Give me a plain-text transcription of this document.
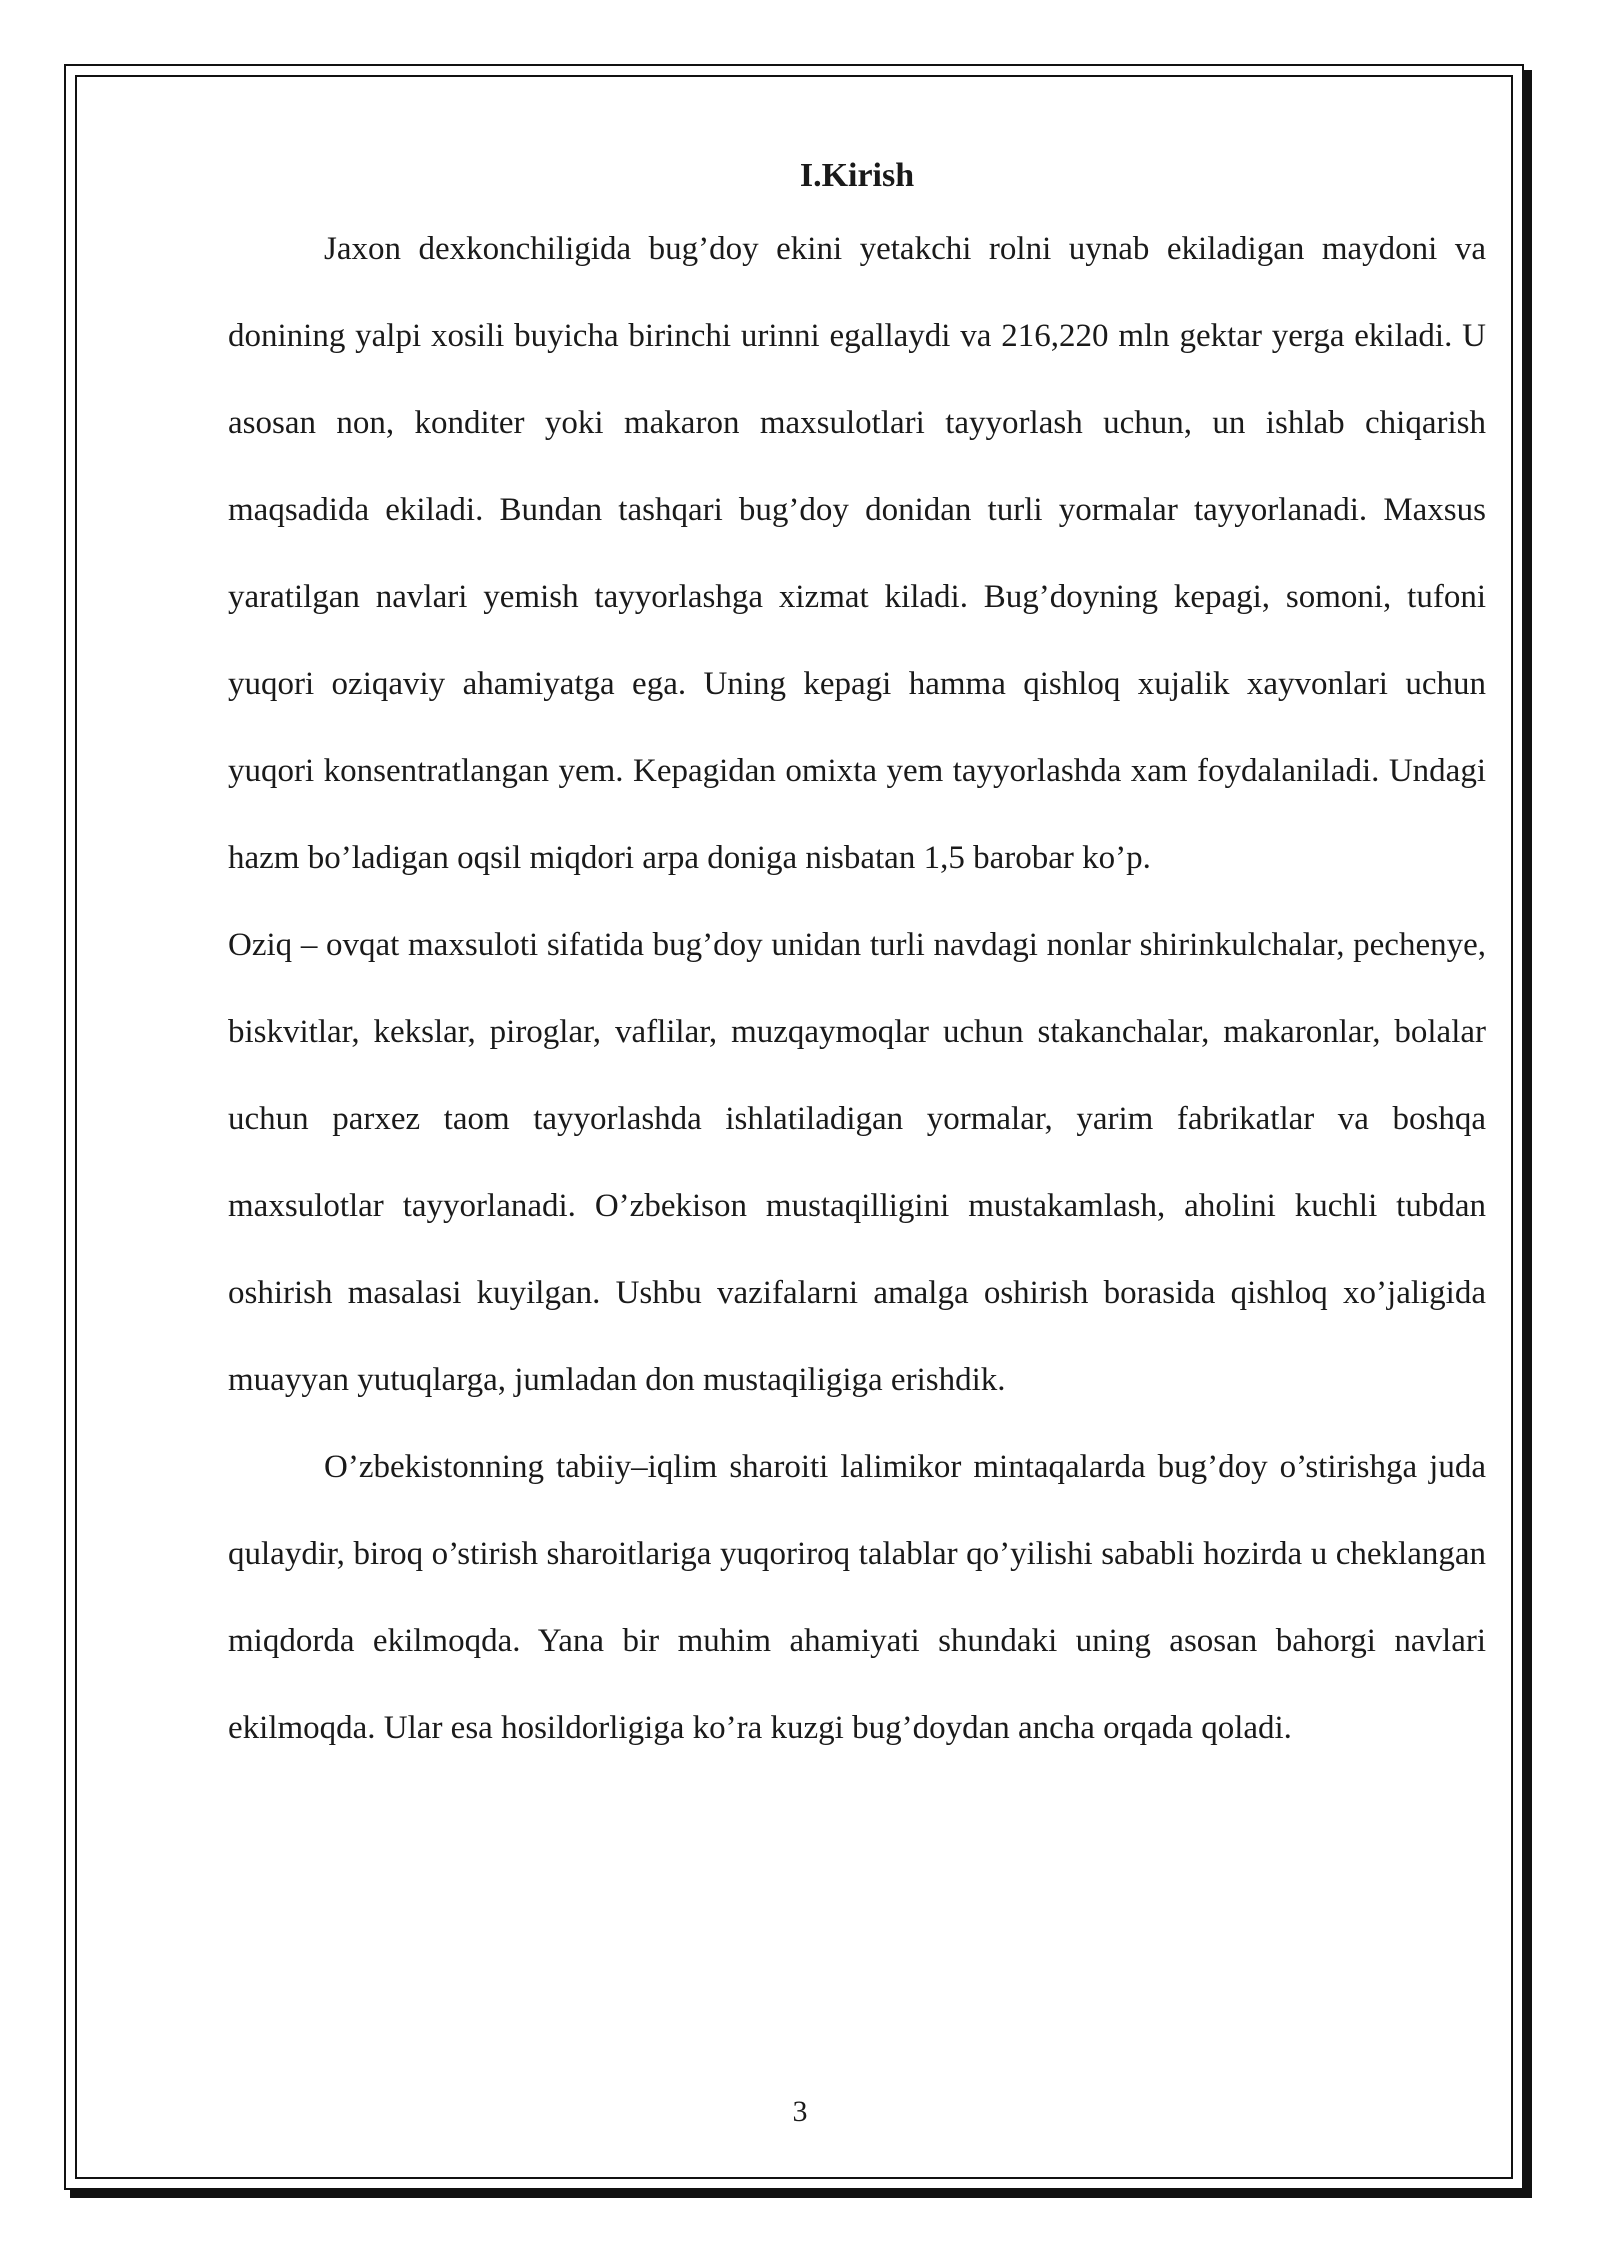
I.Kirish

Jaxon dexkonchiligida bug’doy ekini yetakchi rolni uynab ekiladigan maydoni va donining yalpi xosili buyicha birinchi urinni egallaydi va 216,220 mln gektar yerga ekiladi. U asosan non, konditer yoki makaron maxsulotlari tayyorlash uchun, un ishlab chiqarish maqsadida ekiladi. Bundan tashqari bug’doy donidan turli yormalar tayyorlanadi. Maxsus yaratilgan navlari yemish tayyorlashga xizmat kiladi. Bug’doyning kepagi, somoni, tufoni yuqori oziqaviy ahamiyatga ega. Uning kepagi hamma qishloq xujalik xayvonlari uchun yuqori konsentratlangan yem. Kepagidan omixta yem tayyorlashda xam foydalaniladi. Undagi hazm bo’ladigan oqsil miqdori arpa doniga nisbatan 1,5 barobar ko’p.

Oziq – ovqat maxsuloti sifatida bug’doy unidan turli navdagi nonlar shirinkulchalar, pechenye, biskvitlar, kekslar, piroglar, vaflilar, muzqaymoqlar uchun stakanchalar, makaronlar, bolalar uchun parxez taom tayyorlashda ishlatiladigan yormalar, yarim fabrikatlar va boshqa maxsulotlar tayyorlanadi. O’zbekison mustaqilligini mustakamlash, aholini kuchli tubdan oshirish masalasi kuyilgan. Ushbu vazifalarni amalga oshirish borasida qishloq xo’jaligida muayyan yutuqlarga, jumladan don mustaqiligiga erishdik.

O’zbekistonning tabiiy–iqlim sharoiti lalimikor mintaqalarda bug’doy o’stirishga juda qulaydir, biroq o’stirish sharoitlariga yuqoriroq talablar qo’yilishi sababli hozirda u cheklangan miqdorda ekilmoqda. Yana bir muhim ahamiyati shundaki uning asosan bahorgi navlari ekilmoqda. Ular esa hosildorligiga ko’ra kuzgi bug’doydan ancha orqada qoladi.

3
